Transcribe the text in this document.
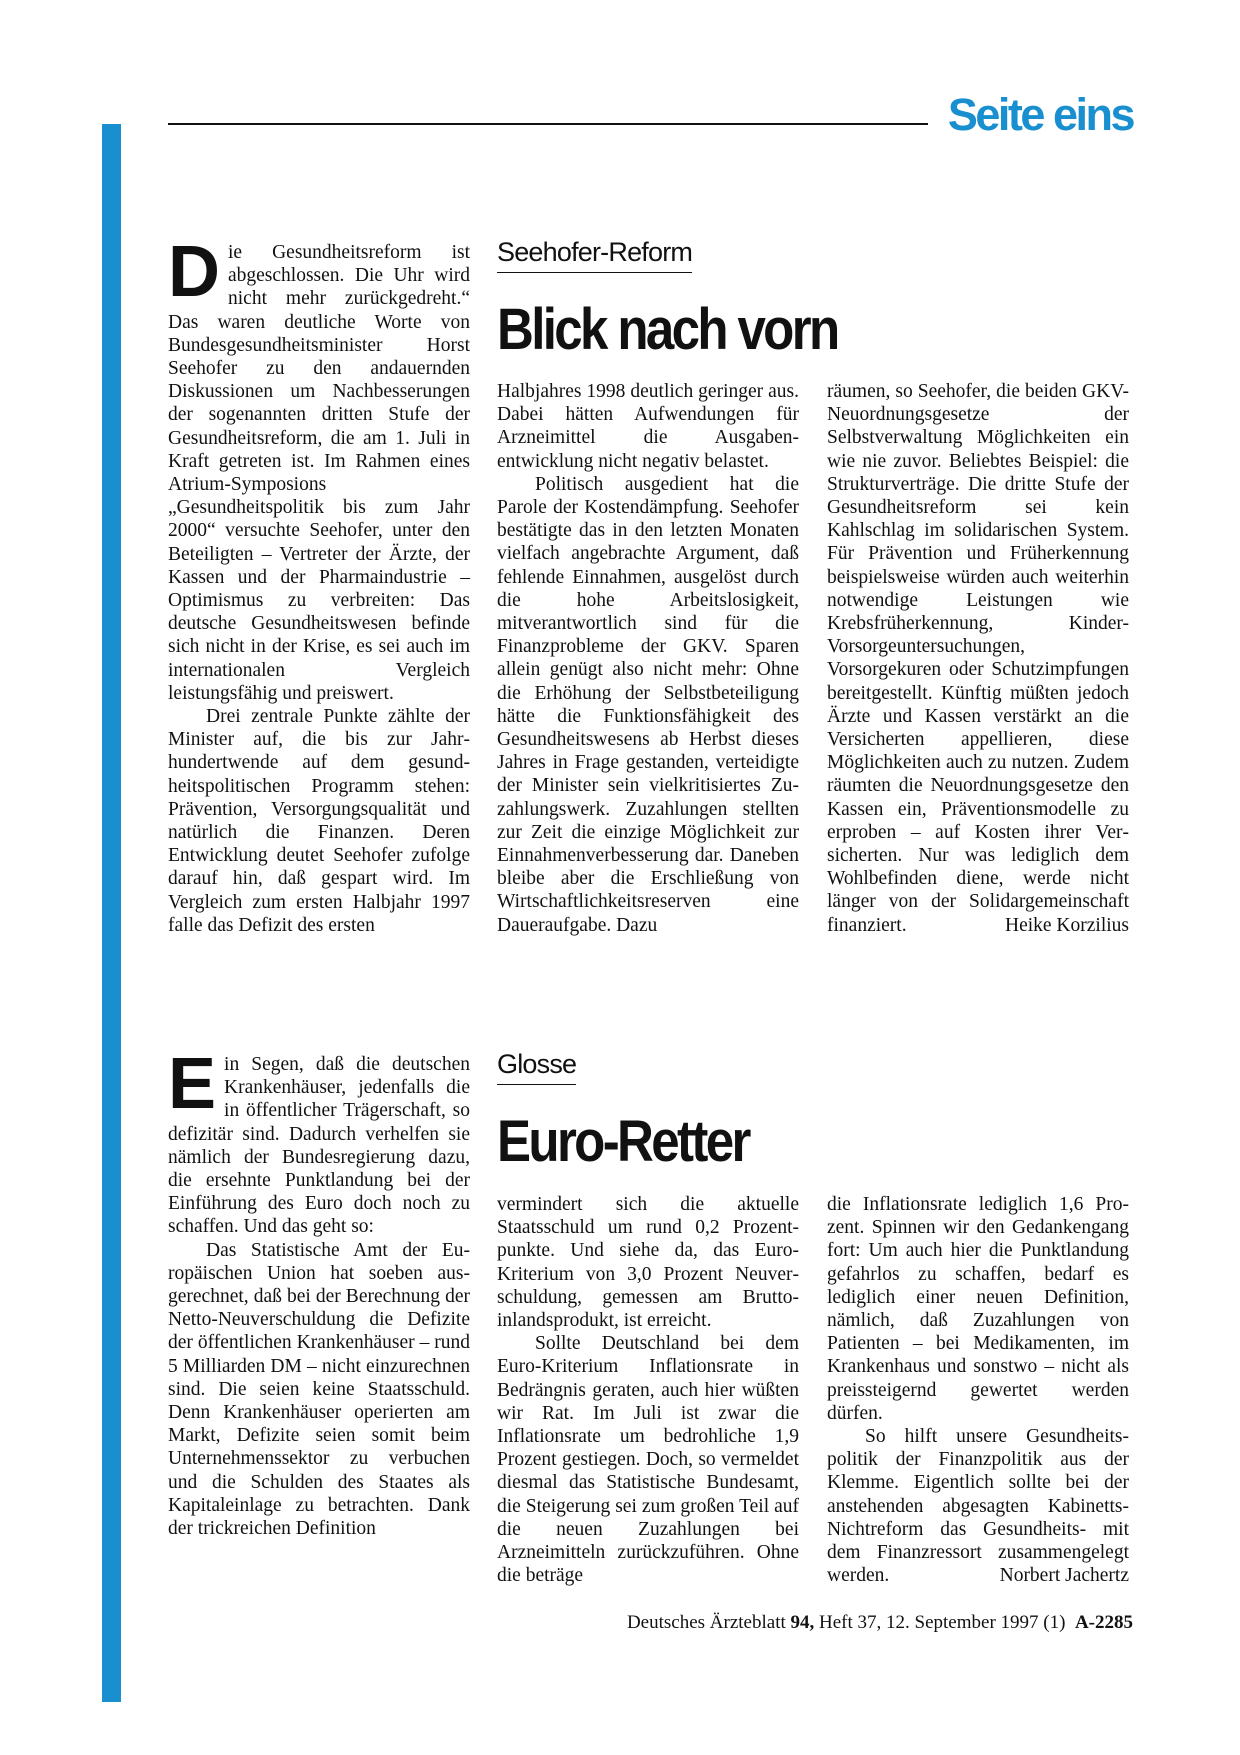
Seite eins
D ie Gesundheitsreform ist abgeschlossen. Die Uhr wird nicht mehr zurückgedreht.“ Das waren deutliche Worte von Bundesgesundheitsminister Horst Seehofer zu den andauernden Diskussionen um Nachbesserungen der sogenannten dritten Stufe der Gesundheitsreform, die am 1. Juli in Kraft getreten ist. Im Rahmen eines Atrium-Symposions „Gesundheitspolitik bis zum Jahr 2000“ versuchte Seehofer, unter den Beteiligten – Vertreter der Ärzte, der Kassen und der Pharmaindustrie – Optimismus zu verbreiten: Das deutsche Gesundheitswesen befinde sich nicht in der Krise, es sei auch im internationalen Vergleich leistungsfähig und preiswert.

Drei zentrale Punkte zählte der Minister auf, die bis zur Jahrhundertwende auf dem gesundheitspolitischen Programm stehen: Prävention, Versorgungsqualität und natürlich die Finanzen. Deren Entwicklung deutet Seehofer zufolge darauf hin, daß gespart wird. Im Vergleich zum ersten Halbjahr 1997 falle das Defizit des ersten

Seehofer-Reform
Blick nach vorn

Halbjahres 1998 deutlich geringer aus. Dabei hätten Aufwendungen für Arzneimittel die Ausgabenentwicklung nicht negativ belastet.

Politisch ausgedient hat die Parole der Kostendämpfung. Seehofer bestätigte das in den letzten Monaten vielfach angebrachte Argument, daß fehlende Einnahmen, ausgelöst durch die hohe Arbeitslosigkeit, mitverantwortlich sind für die Finanzprobleme der GKV. Sparen allein genügt also nicht mehr: Ohne die Erhöhung der Selbstbeteiligung hätte die Funktionsfähigkeit des Gesundheitswesens ab Herbst dieses Jahres in Frage gestanden, verteidigte der Minister sein vielkritisiertes Zuzahlungswerk. Zuzahlungen stellten zur Zeit die einzige Möglichkeit zur Einnahmenverbesserung dar. Daneben bleibe aber die Erschließung von Wirtschaftlichkeitsreserven eine Daueraufgabe. Dazu

räumen, so Seehofer, die beiden GKV-Neuordnungsgesetze der Selbstverwaltung Möglichkeiten ein wie nie zuvor. Beliebtes Beispiel: die Strukturverträge. Die dritte Stufe der Gesundheitsreform sei kein Kahlschlag im solidarischen System. Für Prävention und Früherkennung beispielsweise würden auch weiterhin notwendige Leistungen wie Krebsfrüherkennung, Kinder-Vorsorgeuntersuchungen, Vorsorgekuren oder Schutzimpfungen bereitgestellt. Künftig müßten jedoch Ärzte und Kassen verstärkt an die Versicherten appellieren, diese Möglichkeiten auch zu nutzen. Zudem räumten die Neuordnungsgesetze den Kassen ein, Präventionsmodelle zu erproben – auf Kosten ihrer Versicherten. Nur was lediglich dem Wohlbefinden diene, werde nicht länger von der Solidargemeinschaft finanziert.	Heike Korzilius

E in Segen, daß die deutschen Krankenhäuser, jedenfalls die in öffentlicher Trägerschaft, so defizitär sind. Dadurch verhelfen sie nämlich der Bundesregierung dazu, die ersehnte Punktlandung bei der Einführung des Euro doch noch zu schaffen. Und das geht so:

Das Statistische Amt der Europäischen Union hat soeben ausgerechnet, daß bei der Berechnung der Netto-Neuverschuldung die Defizite der öffentlichen Krankenhäuser – rund 5 Milliarden DM – nicht einzurechnen sind. Die seien keine Staatsschuld. Denn Krankenhäuser operierten am Markt, Defizite seien somit beim Unternehmenssektor zu verbuchen und die Schulden des Staates als Kapitaleinlage zu betrachten. Dank der trickreichen Definition

Glosse
Euro-Retter

vermindert sich die aktuelle Staatsschuld um rund 0,2 Prozentpunkte. Und siehe da, das Euro-Kriterium von 3,0 Prozent Neuverschuldung, gemessen am Bruttoinlandsprodukt, ist erreicht.

Sollte Deutschland bei dem Euro-Kriterium Inflationsrate in Bedrängnis geraten, auch hier wüßten wir Rat. Im Juli ist zwar die Inflationsrate um bedrohliche 1,9 Prozent gestiegen. Doch, so vermeldet diesmal das Statistische Bundesamt, die Steigerung sei zum großen Teil auf die neuen Zuzahlungen bei Arzneimitteln zurückzuführen. Ohne die beträge

die Inflationsrate lediglich 1,6 Prozent. Spinnen wir den Gedankengang fort: Um auch hier die Punktlandung gefahrlos zu schaffen, bedarf es lediglich einer neuen Definition, nämlich, daß Zuzahlungen von Patienten – bei Medikamenten, im Krankenhaus und sonstwo – nicht als preissteigernd gewertet werden dürfen.

So hilft unsere Gesundheitspolitik der Finanzpolitik aus der Klemme. Eigentlich sollte bei der anstehenden abgesagten Kabinetts-Nichtreform das Gesundheits- mit dem Finanzressort zusammengelegt werden.	Norbert Jachertz

Deutsches Ärzteblatt 94, Heft 37, 12. September 1997 (1) A-2285
